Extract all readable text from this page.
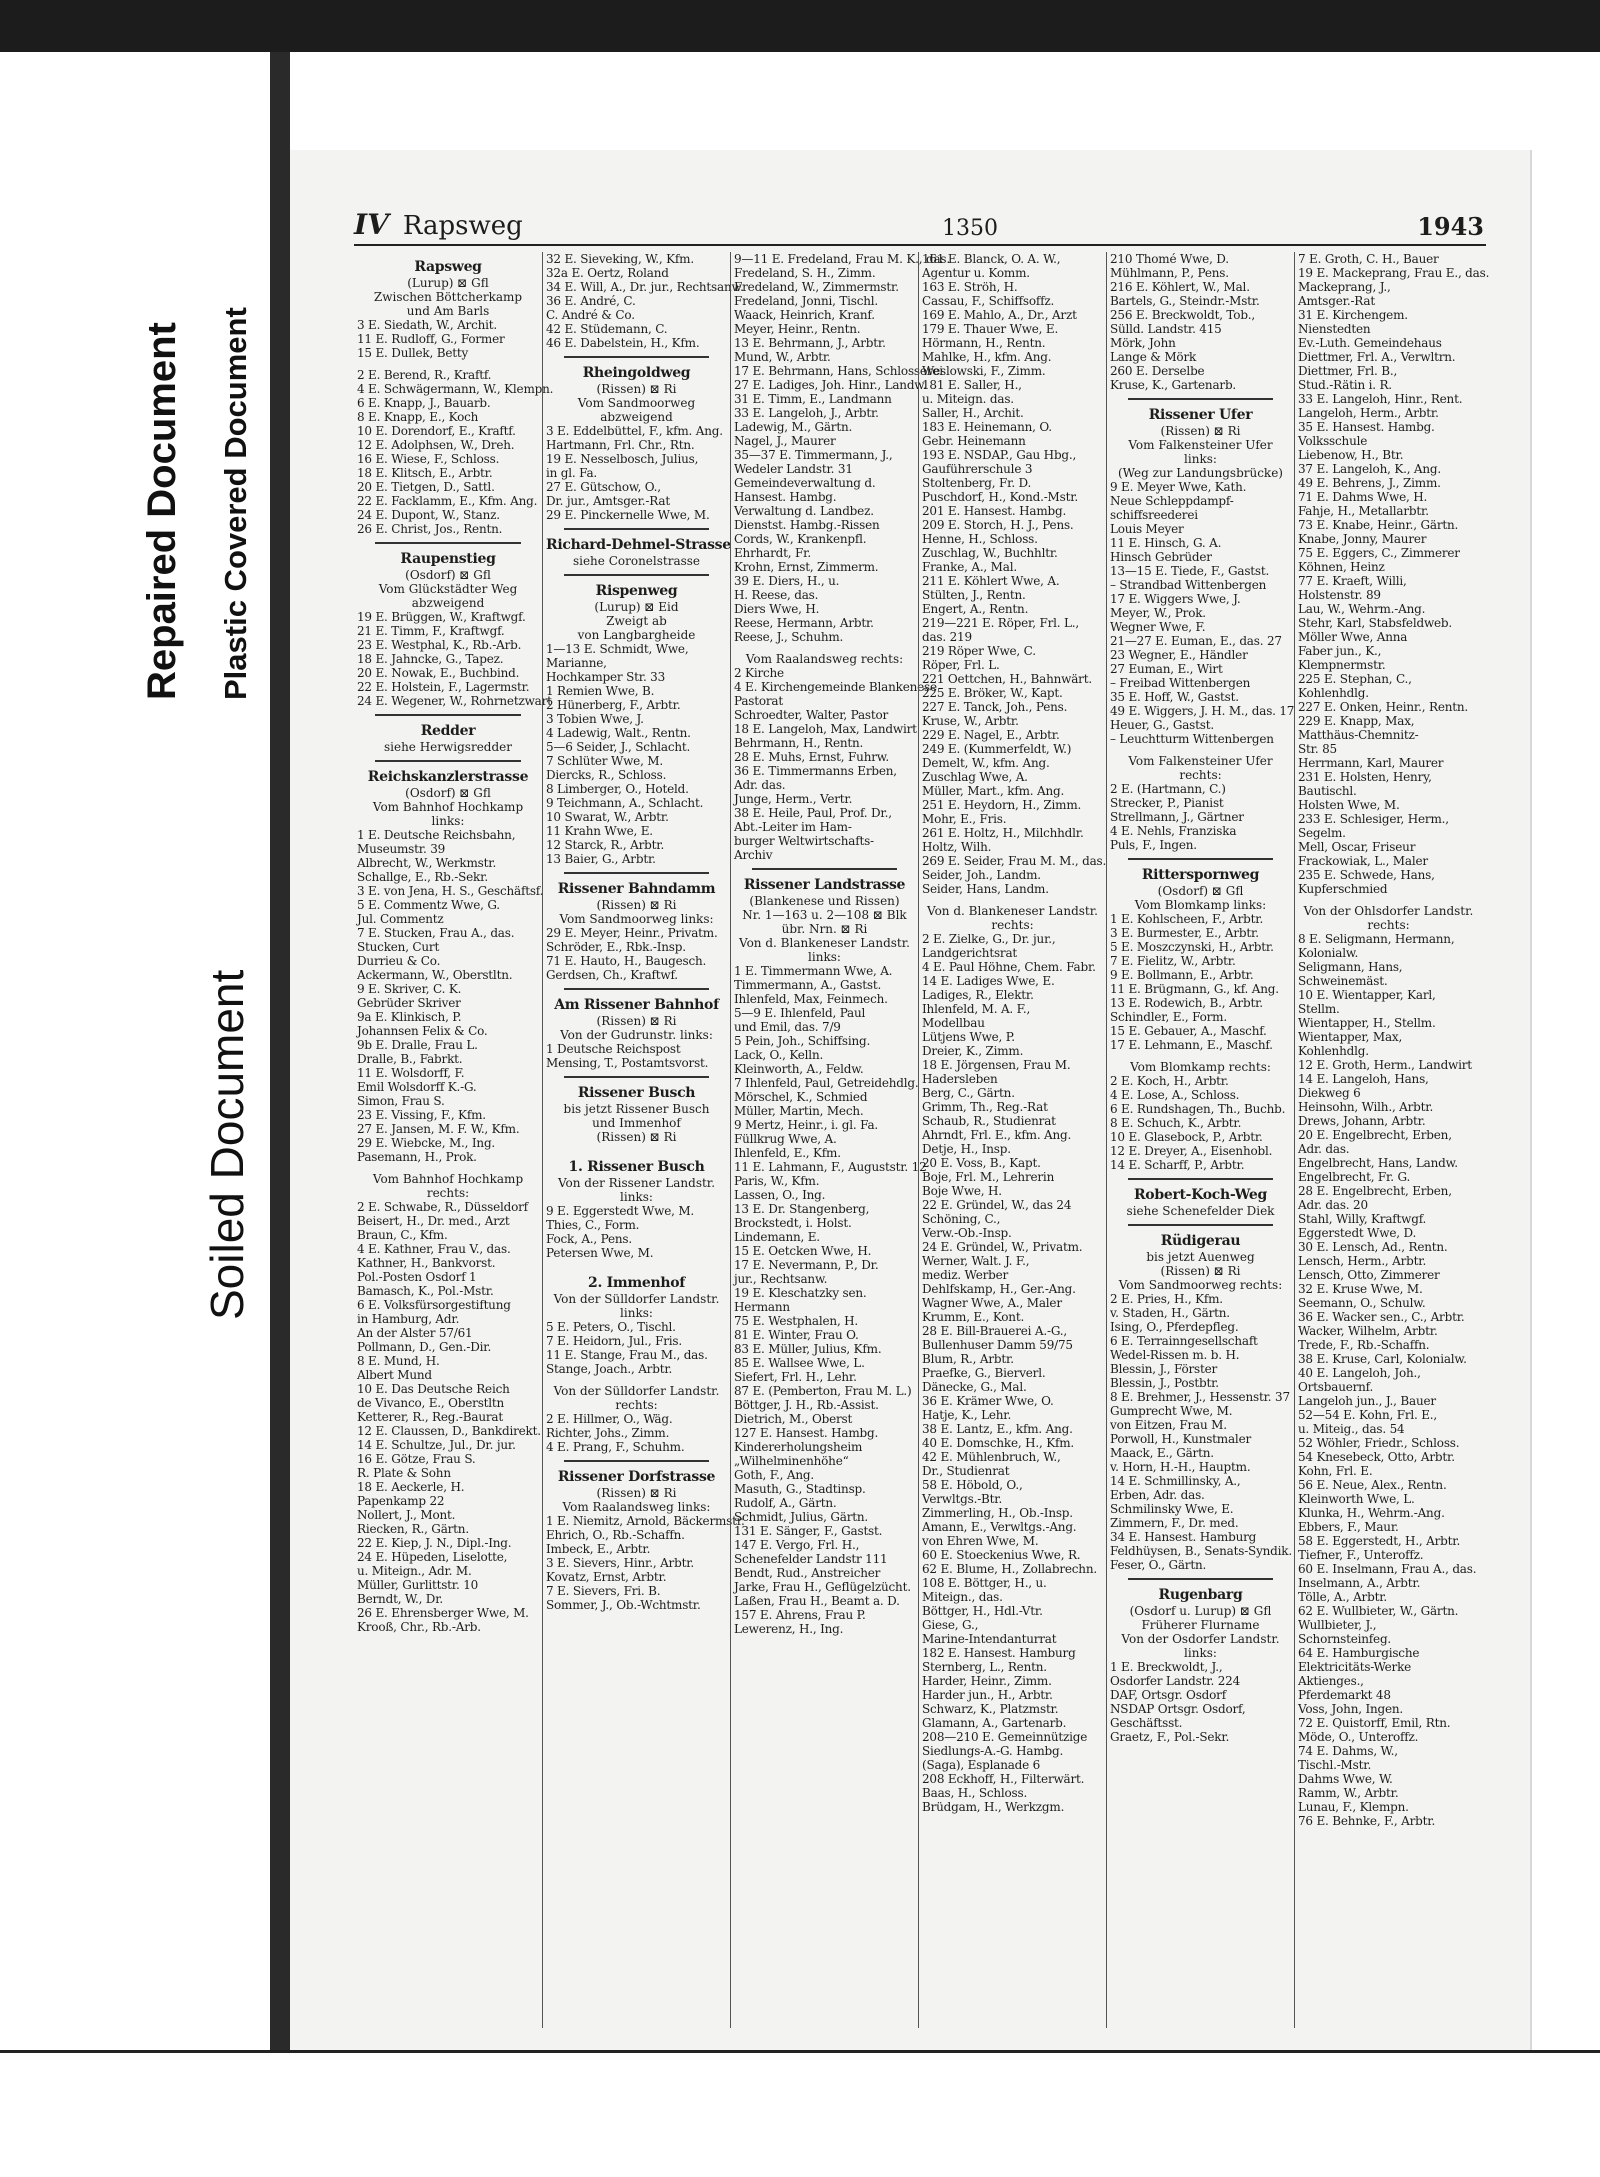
Repaired Document Plastic Covered Document
Soiled Document
IV Rapsweg	1350	1943
Rapsweg
(Lurup) ⊠ Gfl
Zwischen Böttcherkamp
und Am Barls
3 E. Siedath, W., Archit.
11 E. Rudloff, G., Former
15 E. Dullek, Betty
2 E. Berend, R., Kraftf.
4 E. Schwägermann, W., Klempn.
6 E. Knapp, J., Bauarb.
8 E. Knapp, E., Koch
10 E. Dorendorf, E., Kraftf.
12 E. Adolphsen, W., Dreh.
16 E. Wiese, F., Schloss.
18 E. Klitsch, E., Arbtr.
20 E. Tietgen, D., Sattl.
22 E. Facklamm, E., Kfm. Ang.
24 E. Dupont, W., Stanz.
26 E. Christ, Jos., Rentn.
Raupenstieg
(Osdorf) ⊠ Gfl
Vom Glückstädter Weg
abzweigend
19 E. Brüggen, W., Kraftwgf.
21 E. Timm, F., Kraftwgf.
23 E. Westphal, K., Rb.-Arb.
18 E. Jahncke, G., Tapez.
20 E. Nowak, E., Buchbind.
22 E. Holstein, F., Lagermstr.
24 E. Wegener, W., Rohrnetzwart
Redder
siehe Herwigsredder
Reichskanzlerstrasse
(Osdorf) ⊠ Gfl
Vom Bahnhof Hochkamp
links:
1 E. Deutsche Reichsbahn,
Museumstr. 39
Albrecht, W., Werkmstr.
Schallge, E., Rb.-Sekr.
3 E. von Jena, H. S., Geschäftsf.
5 E. Commentz Wwe, G.
Jul. Commentz
7 E. Stucken, Frau A., das.
Stucken, Curt
Durrieu & Co.
Ackermann, W., Oberstltn.
9 E. Skriver, C. K.
Gebrüder Skriver
9a E. Klinkisch, P.
Johannsen Felix & Co.
9b E. Dralle, Frau L.
Dralle, B., Fabrkt.
11 E. Wolsdorff, F.
Emil Wolsdorff K.-G.
Simon, Frau S.
23 E. Vissing, F., Kfm.
27 E. Jansen, M. F. W., Kfm.
29 E. Wiebcke, M., Ing.
Pasemann, H., Prok.
Vom Bahnhof Hochkamp
rechts:
2 E. Schwabe, R., Düsseldorf
Beisert, H., Dr. med., Arzt
Braun, C., Kfm.
4 E. Kathner, Frau V., das.
Kathner, H., Bankvorst.
Pol.-Posten Osdorf 1
Bamasch, K., Pol.-Mstr.
6 E. Volksfürsorgestiftung
in Hamburg, Adr.
An der Alster 57/61
Pollmann, D., Gen.-Dir.
8 E. Mund, H.
Albert Mund
10 E. Das Deutsche Reich
de Vivanco, E., Oberstltn
Ketterer, R., Reg.-Baurat
12 E. Claussen, D., Bankdirekt.
14 E. Schultze, Jul., Dr. jur.
16 E. Götze, Frau S.
R. Plate & Sohn
18 E. Aeckerle, H.
Papenkamp 22
Nollert, J., Mont.
Riecken, R., Gärtn.
22 E. Kiep, J. N., Dipl.-Ing.
24 E. Hüpeden, Liselotte,
u. Miteign., Adr. M.
Müller, Gurlittstr. 10
Berndt, W., Dr.
26 E. Ehrensberger Wwe, M.
Krooß, Chr., Rb.-Arb.
32 E. Sieveking, W., Kfm.
32a E. Oertz, Roland
34 E. Will, A., Dr. jur., Rechtsanw.
36 E. André, C.
C. André & Co.
42 E. Stüdemann, C.
46 E. Dabelstein, H., Kfm.
Rheingoldweg
(Rissen) ⊠ Ri
Vom Sandmoorweg
abzweigend
3 E. Eddelbüttel, F., kfm. Ang.
Hartmann, Frl. Chr., Rtn.
19 E. Nesselbosch, Julius,
in gl. Fa.
27 E. Gütschow, O.,
Dr. jur., Amtsger.-Rat
29 E. Pinckernelle Wwe, M.
Richard-Dehmel-Strasse
siehe Coronelstrasse
Rispenweg
(Lurup) ⊠ Eid
Zweigt ab
von Langbargheide
1—13 E. Schmidt, Wwe,
Marianne,
Hochkamper Str. 33
1 Remien Wwe, B.
2 Hünerberg, F., Arbtr.
3 Tobien Wwe, J.
4 Ladewig, Walt., Rentn.
5—6 Seider, J., Schlacht.
7 Schlüter Wwe, M.
Diercks, R., Schloss.
8 Limberger, O., Hoteld.
9 Teichmann, A., Schlacht.
10 Swarat, W., Arbtr.
11 Krahn Wwe, E.
12 Starck, R., Arbtr.
13 Baier, G., Arbtr.
Rissener Bahndamm
(Rissen) ⊠ Ri
Vom Sandmoorweg links:
29 E. Meyer, Heinr., Privatm.
Schröder, E., Rbk.-Insp.
71 E. Hauto, H., Baugesch.
Gerdsen, Ch., Kraftwf.
Am Rissener Bahnhof
(Rissen) ⊠ Ri
Von der Gudrunstr. links:
1 Deutsche Reichspost
Mensing, T., Postamtsvorst.
Rissener Busch
bis jetzt Rissener Busch
und Immenhof
(Rissen) ⊠ Ri
1. Rissener Busch
Von der Rissener Landstr.
links:
9 E. Eggerstedt Wwe, M.
Thies, C., Form.
Fock, A., Pens.
Petersen Wwe, M.
2. Immenhof
Von der Sülldorfer Landstr.
links:
5 E. Peters, O., Tischl.
7 E. Heidorn, Jul., Fris.
11 E. Stange, Frau M., das.
Stange, Joach., Arbtr.
Von der Sülldorfer Landstr.
rechts:
2 E. Hillmer, O., Wäg.
Richter, Johs., Zimm.
4 E. Prang, F., Schuhm.
Rissener Dorfstrasse
(Rissen) ⊠ Ri
Vom Raalandsweg links:
1 E. Niemitz, Arnold, Bäckermstr.
Ehrich, O., Rb.-Schaffn.
Imbeck, E., Arbtr.
3 E. Sievers, Hinr., Arbtr.
Kovatz, Ernst, Arbtr.
7 E. Sievers, Fri. B.
Sommer, J., Ob.-Wchtmstr.
9—11 E. Fredeland, Frau M. K., das.
Fredeland, S. H., Zimm.
Fredeland, W., Zimmermstr.
Fredeland, Jonni, Tischl.
Waack, Heinrich, Kranf.
Meyer, Heinr., Rentn.
13 E. Behrmann, J., Arbtr.
Mund, W., Arbtr.
17 E. Behrmann, Hans, Schlosserei
27 E. Ladiges, Joh. Hinr., Landw.
31 E. Timm, E., Landmann
33 E. Langeloh, J., Arbtr.
Ladewig, M., Gärtn.
Nagel, J., Maurer
35—37 E. Timmermann, J.,
Wedeler Landstr. 31
Gemeindeverwaltung d.
Hansest. Hambg.
Verwaltung d. Landbez.
Dienstst. Hambg.-Rissen
Cords, W., Krankenpfl.
Ehrhardt, Fr.
Krohn, Ernst, Zimmerm.
39 E. Diers, H., u.
H. Reese, das.
Diers Wwe, H.
Reese, Hermann, Arbtr.
Reese, J., Schuhm.
Vom Raalandsweg rechts:
2 Kirche
4 E. Kirchengemeinde Blankenese
Pastorat
Schroedter, Walter, Pastor
18 E. Langeloh, Max, Landwirt
Behrmann, H., Rentn.
28 E. Muhs, Ernst, Fuhrw.
36 E. Timmermanns Erben,
Adr. das.
Junge, Herm., Vertr.
38 E. Heile, Paul, Prof. Dr.,
Abt.-Leiter im Ham-
burger Weltwirtschafts-
Archiv
Rissener Landstrasse
(Blankenese und Rissen)
Nr. 1—163 u. 2—108 ⊠ Blk
übr. Nrn. ⊠ Ri
Von d. Blankeneser Landstr.
links:
1 E. Timmermann Wwe, A.
Timmermann, A., Gastst.
Ihlenfeld, Max, Feinmech.
5—9 E. Ihlenfeld, Paul
und Emil, das. 7/9
5 Pein, Joh., Schiffsing.
Lack, O., Kelln.
Kleinworth, A., Feldw.
7 Ihlenfeld, Paul, Getreidehdlg.
Mörschel, K., Schmied
Müller, Martin, Mech.
9 Mertz, Heinr., i. gl. Fa.
Füllkrug Wwe, A.
Ihlenfeld, E., Kfm.
11 E. Lahmann, F., Auguststr. 12
Paris, W., Kfm.
Lassen, O., Ing.
13 E. Dr. Stangenberg,
Brockstedt, i. Holst.
Lindemann, E.
15 E. Oetcken Wwe, H.
17 E. Nevermann, P., Dr.
jur., Rechtsanw.
19 E. Kleschatzky sen.
Hermann
75 E. Westphalen, H.
81 E. Winter, Frau O.
83 E. Müller, Julius, Kfm.
85 E. Wallsee Wwe, L.
Siefert, Frl. H., Lehr.
87 E. (Pemberton, Frau M. L.)
Böttger, J. H., Rb.-Assist.
Dietrich, M., Oberst
127 E. Hansest. Hambg.
Kindererholungsheim
„Wilhelminenhöhe“
Goth, F., Ang.
Masuth, G., Stadtinsp.
Rudolf, A., Gärtn.
Schmidt, Julius, Gärtn.
131 E. Sänger, F., Gastst.
147 E. Vergo, Frl. H.,
Schenefelder Landstr 111
Bendt, Rud., Anstreicher
Jarke, Frau H., Geflügelzücht.
Laßen, Frau H., Beamt a. D.
157 E. Ahrens, Frau P.
Lewerenz, H., Ing.
161 E. Blanck, O. A. W.,
Agentur u. Komm.
163 E. Ströh, H.
Cassau, F., Schiffsoffz.
169 E. Mahlo, A., Dr., Arzt
179 E. Thauer Wwe, E.
Hörmann, H., Rentn.
Mahlke, H., kfm. Ang.
Weslowski, F., Zimm.
181 E. Saller, H.,
u. Miteign. das.
Saller, H., Archit.
183 E. Heinemann, O.
Gebr. Heinemann
193 E. NSDAP., Gau Hbg.,
Gauführerschule 3
Stoltenberg, Fr. D.
Puschdorf, H., Kond.-Mstr.
201 E. Hansest. Hambg.
209 E. Storch, H. J., Pens.
Henne, H., Schloss.
Zuschlag, W., Buchhltr.
Franke, A., Mal.
211 E. Köhlert Wwe, A.
Stülten, J., Rentn.
Engert, A., Rentn.
219—221 E. Röper, Frl. L.,
das. 219
219 Röper Wwe, C.
Röper, Frl. L.
221 Oettchen, H., Bahnwärt.
225 E. Bröker, W., Kapt.
227 E. Tanck, Joh., Pens.
Kruse, W., Arbtr.
229 E. Nagel, E., Arbtr.
249 E. (Kummerfeldt, W.)
Demelt, W., kfm. Ang.
Zuschlag Wwe, A.
Müller, Mart., kfm. Ang.
251 E. Heydorn, H., Zimm.
Mohr, E., Fris.
261 E. Holtz, H., Milchhdlr.
Holtz, Wilh.
269 E. Seider, Frau M. M., das.
Seider, Joh., Landm.
Seider, Hans, Landm.
Von d. Blankeneser Landstr.
rechts:
2 E. Zielke, G., Dr. jur.,
Landgerichtsrat
4 E. Paul Höhne, Chem. Fabr.
14 E. Ladiges Wwe, E.
Ladiges, R., Elektr.
Ihlenfeld, M. A. F.,
Modellbau
Lütjens Wwe, P.
Dreier, K., Zimm.
18 E. Jörgensen, Frau M.
Hadersleben
Berg, C., Gärtn.
Grimm, Th., Reg.-Rat
Schaub, R., Studienrat
Ahrndt, Frl. E., kfm. Ang.
Detje, H., Insp.
20 E. Voss, B., Kapt.
Boje, Frl. M., Lehrerin
Boje Wwe, H.
22 E. Gründel, W., das 24
Schöning, C.,
Verw.-Ob.-Insp.
24 E. Gründel, W., Privatm.
Werner, Walt. J. F.,
mediz. Werber
Dehlfskamp, H., Ger.-Ang.
Wagner Wwe, A., Maler
Krumm, E., Kont.
28 E. Bill-Brauerei A.-G.,
Bullenhuser Damm 59/75
Blum, R., Arbtr.
Praefke, G., Bierverl.
Dänecke, G., Mal.
36 E. Krämer Wwe, O.
Hatje, K., Lehr.
38 E. Lantz, E., kfm. Ang.
40 E. Domschke, H., Kfm.
42 E. Mühlenbruch, W.,
Dr., Studienrat
58 E. Höbold, O.,
Verwltgs.-Btr.
Zimmerling, H., Ob.-Insp.
Amann, E., Verwltgs.-Ang.
von Ehren Wwe, M.
60 E. Stoeckenius Wwe, R.
62 E. Blume, H., Zollabrechn.
108 E. Böttger, H., u.
Miteign., das.
Böttger, H., Hdl.-Vtr.
Giese, G.,
Marine-Intendanturrat
182 E. Hansest. Hamburg
Sternberg, L., Rentn.
Harder, Heinr., Zimm.
Harder jun., H., Arbtr.
Schwarz, K., Platzmstr.
Glamann, A., Gartenarb.
208—210 E. Gemeinnützige
Siedlungs-A.-G. Hambg.
(Saga), Esplanade 6
208 Eckhoff, H., Filterwärt.
Baas, H., Schloss.
Brüdgam, H., Werkzgm.
210 Thomé Wwe, D.
Mühlmann, P., Pens.
216 E. Köhlert, W., Mal.
Bartels, G., Steindr.-Mstr.
256 E. Breckwoldt, Tob.,
Sülld. Landstr. 415
Mörk, John
Lange & Mörk
260 E. Derselbe
Kruse, K., Gartenarb.
Rissener Ufer
(Rissen) ⊠ Ri
Vom Falkensteiner Ufer
links:
(Weg zur Landungsbrücke)
9 E. Meyer Wwe, Kath.
Neue Schleppdampf-
schiffsreederei
Louis Meyer
11 E. Hinsch, G. A.
Hinsch Gebrüder
13—15 E. Tiede, F., Gastst.
– Strandbad Wittenbergen
17 E. Wiggers Wwe, J.
Meyer, W., Prok.
Wegner Wwe, F.
21—27 E. Euman, E., das. 27
23 Wegner, E., Händler
27 Euman, E., Wirt
– Freibad Wittenbergen
35 E. Hoff, W., Gastst.
49 E. Wiggers, J. H. M., das. 17
Heuer, G., Gastst.
– Leuchtturm Wittenbergen
Vom Falkensteiner Ufer
rechts:
2 E. (Hartmann, C.)
Strecker, P., Pianist
Strellmann, J., Gärtner
4 E. Nehls, Franziska
Puls, F., Ingen.
Ritterspornweg
(Osdorf) ⊠ Gfl
Vom Blomkamp links:
1 E. Kohlscheen, F., Arbtr.
3 E. Burmester, E., Arbtr.
5 E. Moszczynski, H., Arbtr.
7 E. Fielitz, W., Arbtr.
9 E. Bollmann, E., Arbtr.
11 E. Brügmann, G., kf. Ang.
13 E. Rodewich, B., Arbtr.
Schindler, E., Form.
15 E. Gebauer, A., Maschf.
17 E. Lehmann, E., Maschf.
Vom Blomkamp rechts:
2 E. Koch, H., Arbtr.
4 E. Lose, A., Schloss.
6 E. Rundshagen, Th., Buchb.
8 E. Schuch, K., Arbtr.
10 E. Glasebock, P., Arbtr.
12 E. Dreyer, A., Eisenhobl.
14 E. Scharff, P., Arbtr.
Robert-Koch-Weg
siehe Schenefelder Diek
Rüdigerau
bis jetzt Auenweg
(Rissen) ⊠ Ri
Vom Sandmoorweg rechts:
2 E. Pries, H., Kfm.
v. Staden, H., Gärtn.
Ising, O., Pferdepfleg.
6 E. Terrainngesellschaft
Wedel-Rissen m. b. H.
Blessin, J., Förster
Blessin, J., Postbtr.
8 E. Brehmer, J., Hessenstr. 37
Gumprecht Wwe, M.
von Eitzen, Frau M.
Porwoll, H., Kunstmaler
Maack, E., Gärtn.
v. Horn, H.-H., Hauptm.
14 E. Schmillinsky, A.,
Erben, Adr. das.
Schmilinsky Wwe, E.
Zimmern, F., Dr. med.
34 E. Hansest. Hamburg
Feldhüysen, B., Senats-Syndik.
Feser, O., Gärtn.
Rugenbarg
(Osdorf u. Lurup) ⊠ Gfl
Früherer Flurname
Von der Osdorfer Landstr.
links:
1 E. Breckwoldt, J.,
Osdorfer Landstr. 224
DAF, Ortsgr. Osdorf
NSDAP Ortsgr. Osdorf,
Geschäftsst.
Graetz, F., Pol.-Sekr.
7 E. Groth, C. H., Bauer
19 E. Mackeprang, Frau E., das.
Mackeprang, J.,
Amtsger.-Rat
31 E. Kirchengem.
Nienstedten
Ev.-Luth. Gemeindehaus
Diettmer, Frl. A., Verwltrn.
Diettmer, Frl. B.,
Stud.-Rätin i. R.
33 E. Langeloh, Hinr., Rent.
Langeloh, Herm., Arbtr.
35 E. Hansest. Hambg.
Volksschule
Liebenow, H., Btr.
37 E. Langeloh, K., Ang.
49 E. Behrens, J., Zimm.
71 E. Dahms Wwe, H.
Fahje, H., Metallarbtr.
73 E. Knabe, Heinr., Gärtn.
Knabe, Jonny, Maurer
75 E. Eggers, C., Zimmerer
Köhnen, Heinz
77 E. Kraeft, Willi,
Holstenstr. 89
Lau, W., Wehrm.-Ang.
Stehr, Karl, Stabsfeldweb.
Möller Wwe, Anna
Faber jun., K.,
Klempnermstr.
225 E. Stephan, C.,
Kohlenhdlg.
227 E. Onken, Heinr., Rentn.
229 E. Knapp, Max,
Matthäus-Chemnitz-
Str. 85
Herrmann, Karl, Maurer
231 E. Holsten, Henry,
Bautischl.
Holsten Wwe, M.
233 E. Schlesiger, Herm.,
Segelm.
Mell, Oscar, Friseur
Frackowiak, L., Maler
235 E. Schwede, Hans,
Kupferschmied
Von der Ohlsdorfer Landstr.
rechts:
8 E. Seligmann, Hermann,
Kolonialw.
Seligmann, Hans,
Schweinemäst.
10 E. Wientapper, Karl,
Stellm.
Wientapper, H., Stellm.
Wientapper, Max,
Kohlenhdlg.
12 E. Groth, Herm., Landwirt
14 E. Langeloh, Hans,
Diekweg 6
Heinsohn, Wilh., Arbtr.
Drews, Johann, Arbtr.
20 E. Engelbrecht, Erben,
Adr. das.
Engelbrecht, Hans, Landw.
Engelbrecht, Fr. G.
28 E. Engelbrecht, Erben,
Adr. das. 20
Stahl, Willy, Kraftwgf.
Eggerstedt Wwe, D.
30 E. Lensch, Ad., Rentn.
Lensch, Herm., Arbtr.
Lensch, Otto, Zimmerer
32 E. Kruse Wwe, M.
Seemann, O., Schulw.
36 E. Wacker sen., C., Arbtr.
Wacker, Wilhelm, Arbtr.
Trede, F., Rb.-Schaffn.
38 E. Kruse, Carl, Kolonialw.
40 E. Langeloh, Joh.,
Ortsbauernf.
Langeloh jun., J., Bauer
52—54 E. Kohn, Frl. E.,
u. Miteig., das. 54
52 Wöhler, Friedr., Schloss.
54 Knesebeck, Otto, Arbtr.
Kohn, Frl. E.
56 E. Neue, Alex., Rentn.
Kleinworth Wwe, L.
Klunka, H., Wehrm.-Ang.
Ebbers, F., Maur.
58 E. Eggerstedt, H., Arbtr.
Tiefner, F., Unteroffz.
60 E. Inselmann, Frau A., das.
Inselmann, A., Arbtr.
Tölle, A., Arbtr.
62 E. Wullbieter, W., Gärtn.
Wullbieter, J.,
Schornsteinfeg.
64 E. Hamburgische
Elektricitäts-Werke
Aktienges.,
Pferdemarkt 48
Voss, John, Ingen.
72 E. Quistorff, Emil, Rtn.
Möde, O., Unteroffz.
74 E. Dahms, W.,
Tischl.-Mstr.
Dahms Wwe, W.
Ramm, W., Arbtr.
Lunau, F., Klempn.
76 E. Behnke, F., Arbtr.
